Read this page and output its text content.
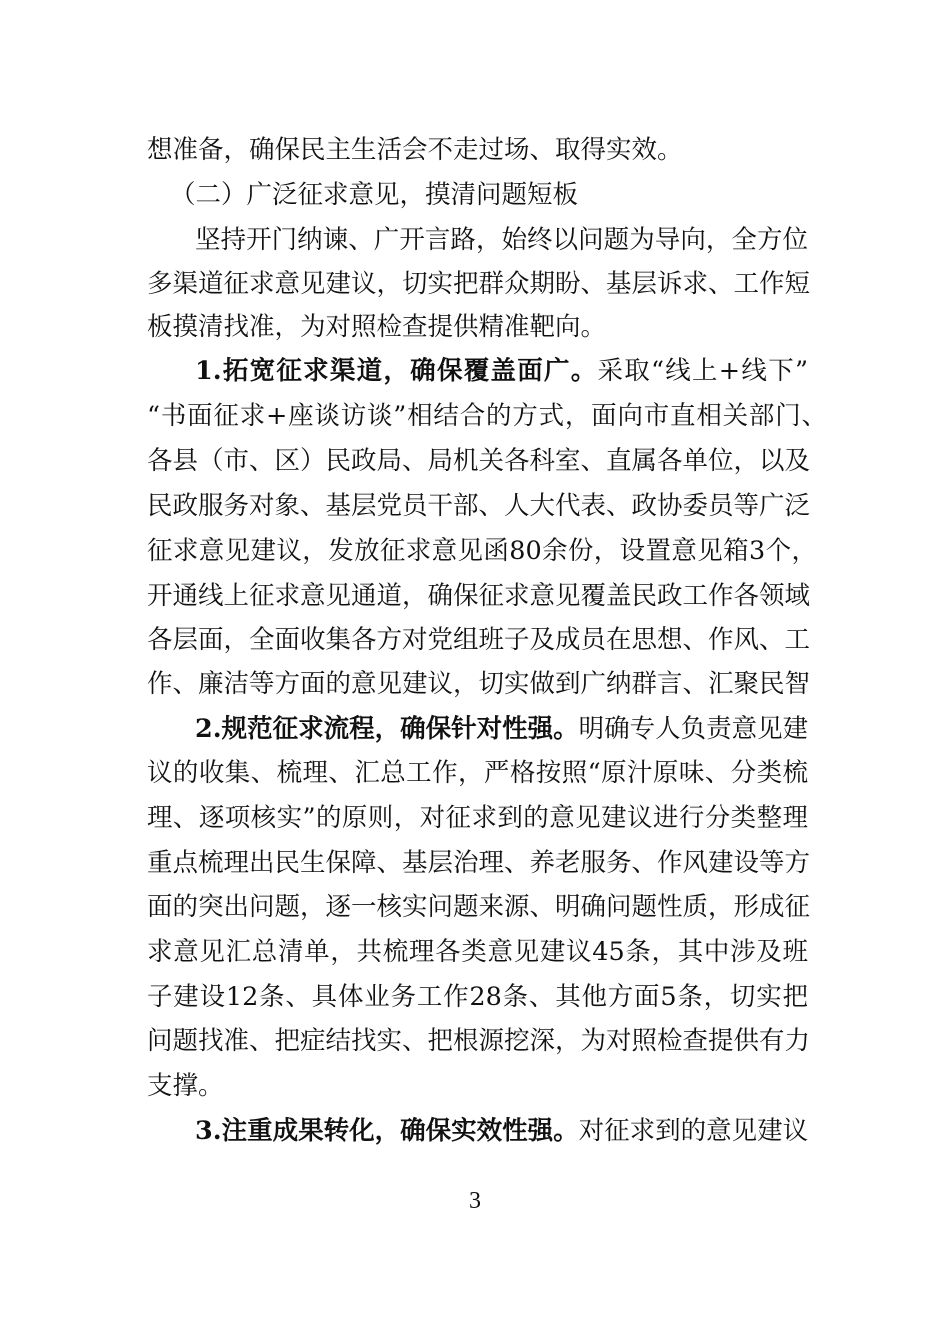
想准备，确保民主生活会不走过场、取得实效。
（二）广泛征求意见，摸清问题短板
坚持开门纳谏、广开言路，始终以问题为导向，全方位
多渠道征求意见建议，切实把群众期盼、基层诉求、工作短
板摸清找准，为对照检查提供精准靶向。
1.拓宽征求渠道，确保覆盖面广。采取“线上+线下”
“书面征求+座谈访谈”相结合的方式，面向市直相关部门、
各县（市、区）民政局、局机关各科室、直属各单位，以及
民政服务对象、基层党员干部、人大代表、政协委员等广泛
征求意见建议，发放征求意见函80余份，设置意见箱3个，
开通线上征求意见通道，确保征求意见覆盖民政工作各领域
各层面，全面收集各方对党组班子及成员在思想、作风、工
作、廉洁等方面的意见建议，切实做到广纳群言、汇聚民智
2.规范征求流程，确保针对性强。明确专人负责意见建
议的收集、梳理、汇总工作，严格按照“原汁原味、分类梳
理、逐项核实”的原则，对征求到的意见建议进行分类整理
重点梳理出民生保障、基层治理、养老服务、作风建设等方
面的突出问题，逐一核实问题来源、明确问题性质，形成征
求意见汇总清单，共梳理各类意见建议45条，其中涉及班
子建设12条、具体业务工作28条、其他方面5条，切实把
问题找准、把症结找实、把根源挖深，为对照检查提供有力
支撑。
3.注重成果转化，确保实效性强。对征求到的意见建议
3
